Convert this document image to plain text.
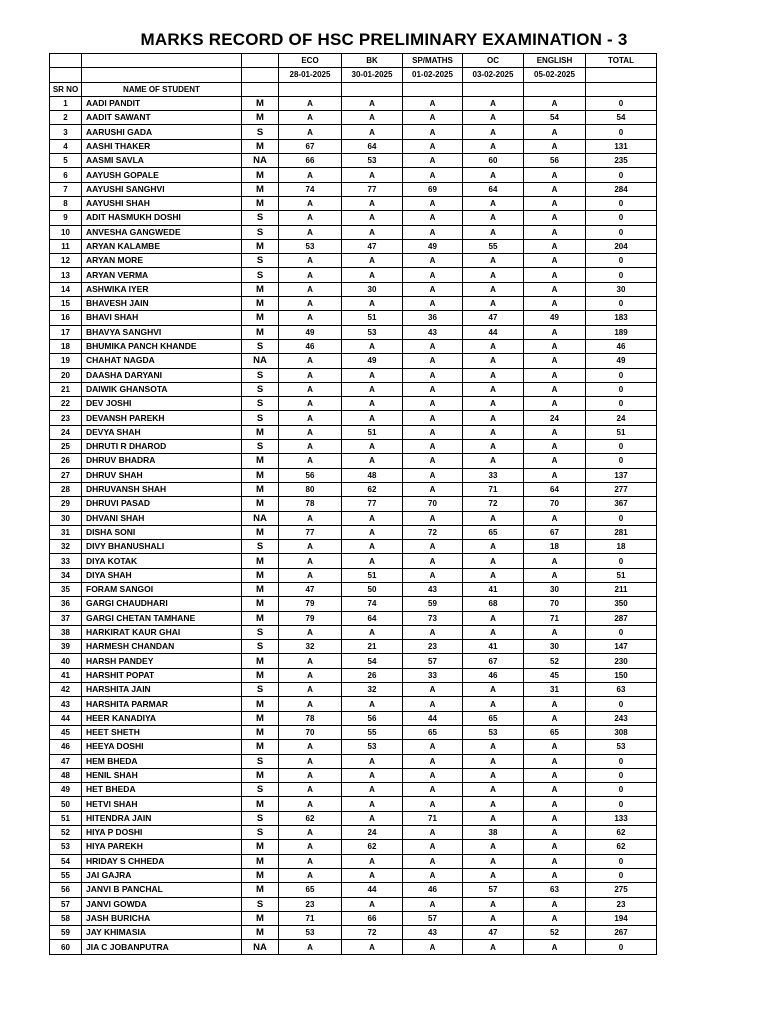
MARKS RECORD OF HSC PRELIMINARY EXAMINATION - 3
			ECO	BK	SP/MATHS	OC	ENGLISH	TOTAL
			28-01-2025	30-01-2025	01-02-2025	03-02-2025	05-02-2025	
SR NO	NAME OF STUDENT							
1	AADI PANDIT	M	A	A	A	A	A	0
2	AADIT SAWANT	M	A	A	A	A	54	54
3	AARUSHI GADA	S	A	A	A	A	A	0
4	AASHI THAKER	M	67	64	A	A	A	131
5	AASMI SAVLA	NA	66	53	A	60	56	235
6	AAYUSH GOPALE	M	A	A	A	A	A	0
7	AAYUSHI SANGHVI	M	74	77	69	64	A	284
8	AAYUSHI SHAH	M	A	A	A	A	A	0
9	ADIT HASMUKH DOSHI	S	A	A	A	A	A	0
10	ANVESHA GANGWEDE	S	A	A	A	A	A	0
11	ARYAN KALAMBE	M	53	47	49	55	A	204
12	ARYAN MORE	S	A	A	A	A	A	0
13	ARYAN VERMA	S	A	A	A	A	A	0
14	ASHWIKA IYER	M	A	30	A	A	A	30
15	BHAVESH JAIN	M	A	A	A	A	A	0
16	BHAVI SHAH	M	A	51	36	47	49	183
17	BHAVYA SANGHVI	M	49	53	43	44	A	189
18	BHUMIKA PANCH KHANDE	S	46	A	A	A	A	46
19	CHAHAT NAGDA	NA	A	49	A	A	A	49
20	DAASHA DARYANI	S	A	A	A	A	A	0
21	DAIWIK GHANSOTA	S	A	A	A	A	A	0
22	DEV JOSHI	S	A	A	A	A	A	0
23	DEVANSH PAREKH	S	A	A	A	A	24	24
24	DEVYA SHAH	M	A	51	A	A	A	51
25	DHRUTI R DHAROD	S	A	A	A	A	A	0
26	DHRUV BHADRA	M	A	A	A	A	A	0
27	DHRUV SHAH	M	56	48	A	33	A	137
28	DHRUVANSH SHAH	M	80	62	A	71	64	277
29	DHRUVI PASAD	M	78	77	70	72	70	367
30	DHVANI SHAH	NA	A	A	A	A	A	0
31	DISHA SONI	M	77	A	72	65	67	281
32	DIVY BHANUSHALI	S	A	A	A	A	18	18
33	DIYA KOTAK	M	A	A	A	A	A	0
34	DIYA SHAH	M	A	51	A	A	A	51
35	FORAM SANGOI	M	47	50	43	41	30	211
36	GARGI CHAUDHARI	M	79	74	59	68	70	350
37	GARGI CHETAN TAMHANE	M	79	64	73	A	71	287
38	HARKIRAT KAUR GHAI	S	A	A	A	A	A	0
39	HARMESH CHANDAN	S	32	21	23	41	30	147
40	HARSH PANDEY	M	A	54	57	67	52	230
41	HARSHIT POPAT	M	A	26	33	46	45	150
42	HARSHITA JAIN	S	A	32	A	A	31	63
43	HARSHITA PARMAR	M	A	A	A	A	A	0
44	HEER KANADIYA	M	78	56	44	65	A	243
45	HEET SHETH	M	70	55	65	53	65	308
46	HEEYA DOSHI	M	A	53	A	A	A	53
47	HEM BHEDA	S	A	A	A	A	A	0
48	HENIL SHAH	M	A	A	A	A	A	0
49	HET BHEDA	S	A	A	A	A	A	0
50	HETVI SHAH	M	A	A	A	A	A	0
51	HITENDRA JAIN	S	62	A	71	A	A	133
52	HIYA P DOSHI	S	A	24	A	38	A	62
53	HIYA PAREKH	M	A	62	A	A	A	62
54	HRIDAY S CHHEDA	M	A	A	A	A	A	0
55	JAI GAJRA	M	A	A	A	A	A	0
56	JANVI B PANCHAL	M	65	44	46	57	63	275
57	JANVI GOWDA	S	23	A	A	A	A	23
58	JASH BURICHA	M	71	66	57	A	A	194
59	JAY KHIMASIA	M	53	72	43	47	52	267
60	JIA C JOBANPUTRA	NA	A	A	A	A	A	0
